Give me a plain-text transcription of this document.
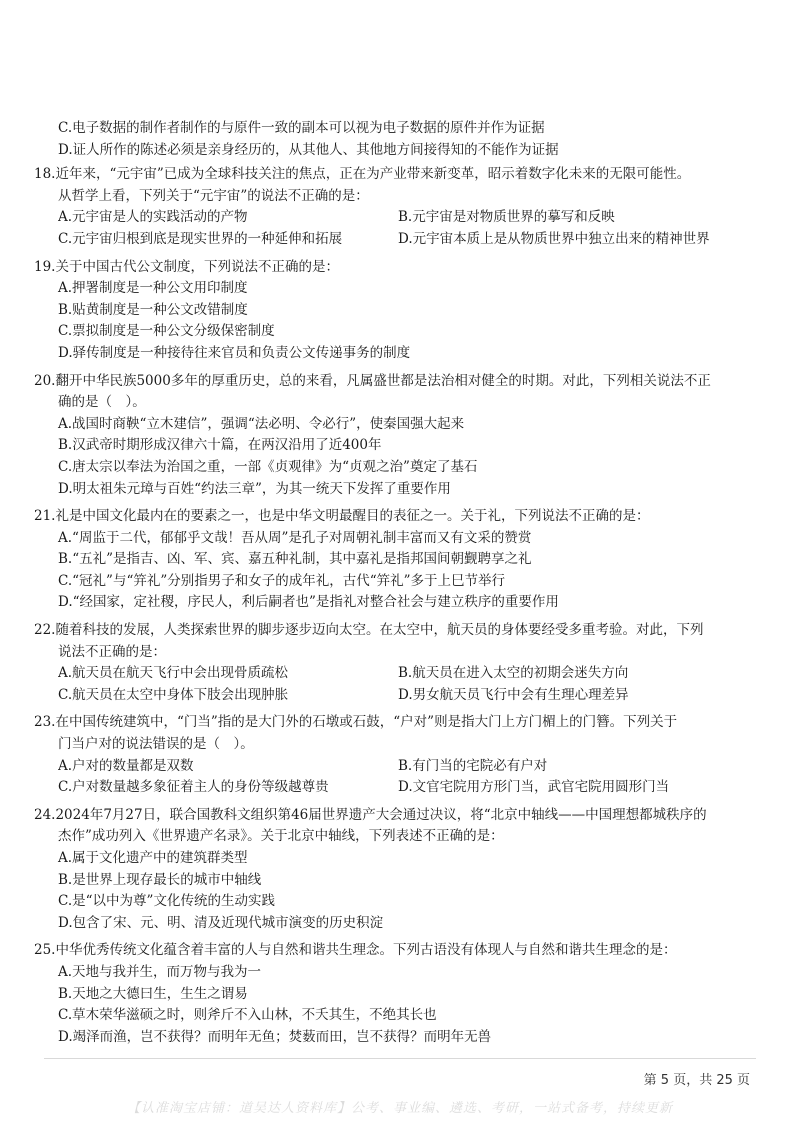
C.电子数据的制作者制作的与原件一致的副本可以视为电子数据的原件并作为证据
D.证人所作的陈述必须是亲身经历的，从其他人、其他地方间接得知的不能作为证据
18.近年来，“元宇宙”已成为全球科技关注的焦点，正在为产业带来新变革，昭示着数字化未来的无限可能性。
从哲学上看，下列关于“元宇宙”的说法不正确的是：
A.元宇宙是人的实践活动的产物	B.元宇宙是对物质世界的摹写和反映
C.元宇宙归根到底是现实世界的一种延伸和拓展	D.元宇宙本质上是从物质世界中独立出来的精神世界
19.关于中国古代公文制度，下列说法不正确的是：
A.押署制度是一种公文用印制度
B.贴黄制度是一种公文改错制度
C.票拟制度是一种公文分级保密制度
D.驿传制度是一种接待往来官员和负责公文传递事务的制度
20.翻开中华民族5000多年的厚重历史，总的来看，凡属盛世都是法治相对健全的时期。对此，下列相关说法不正
确的是（　）。
A.战国时商鞅“立木建信”，强调“法必明、令必行”，使秦国强大起来
B.汉武帝时期形成汉律六十篇，在两汉沿用了近400年
C.唐太宗以奉法为治国之重，一部《贞观律》为“贞观之治”奠定了基石
D.明太祖朱元璋与百姓“约法三章”，为其一统天下发挥了重要作用
21.礼是中国文化最内在的要素之一，也是中华文明最醒目的表征之一。关于礼，下列说法不正确的是：
A.“周监于二代，郁郁乎文哉！吾从周”是孔子对周朝礼制丰富而又有文采的赞赏
B.“五礼”是指吉、凶、军、宾、嘉五种礼制，其中嘉礼是指邦国间朝觐聘享之礼
C.“冠礼”与“笄礼”分别指男子和女子的成年礼，古代“笄礼”多于上巳节举行
D.“经国家，定社稷，序民人，利后嗣者也”是指礼对整合社会与建立秩序的重要作用
22.随着科技的发展，人类探索世界的脚步逐步迈向太空。在太空中，航天员的身体要经受多重考验。对此，下列
说法不正确的是：
A.航天员在航天飞行中会出现骨质疏松	B.航天员在进入太空的初期会迷失方向
C.航天员在太空中身体下肢会出现肿胀	D.男女航天员飞行中会有生理心理差异
23.在中国传统建筑中，“门当”指的是大门外的石墩或石鼓，“户对”则是指大门上方门楣上的门簪。下列关于
门当户对的说法错误的是（　）。
A.户对的数量都是双数	B.有门当的宅院必有户对
C.户对数量越多象征着主人的身份等级越尊贵	D.文官宅院用方形门当，武官宅院用圆形门当
24.2024年7月27日，联合国教科文组织第46届世界遗产大会通过决议，将“北京中轴线——中国理想都城秩序的
杰作”成功列入《世界遗产名录》。关于北京中轴线，下列表述不正确的是：
A.属于文化遗产中的建筑群类型
B.是世界上现存最长的城市中轴线
C.是“以中为尊”文化传统的生动实践
D.包含了宋、元、明、清及近现代城市演变的历史积淀
25.中华优秀传统文化蕴含着丰富的人与自然和谐共生理念。下列古语没有体现人与自然和谐共生理念的是：
A.天地与我并生，而万物与我为一
B.天地之大德曰生，生生之谓易
C.草木荣华滋硕之时，则斧斤不入山林，不夭其生，不绝其长也
D.竭泽而渔，岂不获得？而明年无鱼；焚薮而田，岂不获得？而明年无兽
第 5 页，共 25 页
【认准淘宝店铺：道吴达人资料库】公考、事业编、遴选、考研，一站式备考，持续更新
